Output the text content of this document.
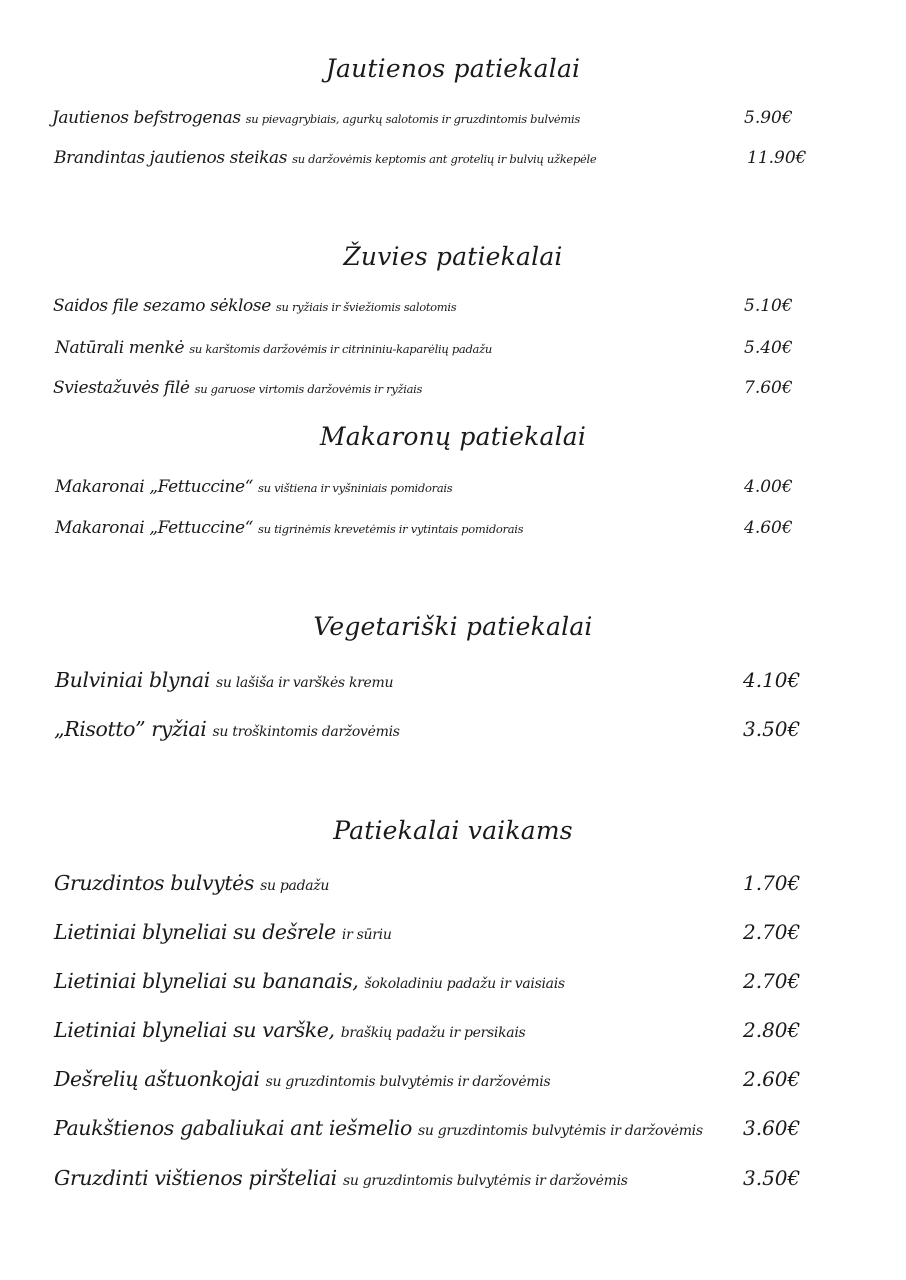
Jautienos patiekalai
Jautienos befstrogenas su pievagrybiais, agurkų salotomis ir gruzdintomis bulvėmis	5.90€
Brandintas jautienos steikas su daržovėmis keptomis ant grotelių ir bulvių užkepėle	11.90€
Žuvies patiekalai
Saidos file sezamo sėklose su ryžiais ir šviežiomis salotomis	5.10€
Natūrali menkė su karštomis daržovėmis ir citrininiu-kaparėlių padažu	5.40€
Sviestažuvės filė su garuose virtomis daržovėmis ir ryžiais	7.60€
Makaronų patiekalai
Makaronai „Fettuccine“ su vištiena ir vyšniniais pomidorais	4.00€
Makaronai „Fettuccine“ su tigrinėmis krevetėmis ir vytintais pomidorais	4.60€
Vegetariški patiekalai
Bulviniai blynai su lašiša ir varškės kremu	4.10€
„Risotto” ryžiai su troškintomis daržovėmis	3.50€
Patiekalai vaikams
Gruzdintos bulvytės su padažu	1.70€
Lietiniai blyneliai su dešrele ir sūriu	2.70€
Lietiniai blyneliai su bananais, šokoladiniu padažu ir vaisiais	2.70€
Lietiniai blyneliai su varške, braškių padažu ir persikais	2.80€
Dešrelių aštuonkojai su gruzdintomis bulvytėmis ir daržovėmis	2.60€
Paukštienos gabaliukai ant iešmelio su gruzdintomis bulvytėmis ir daržovėmis 3.60€
Gruzdinti vištienos piršteliai su gruzdintomis bulvytėmis ir daržovėmis	3.50€
